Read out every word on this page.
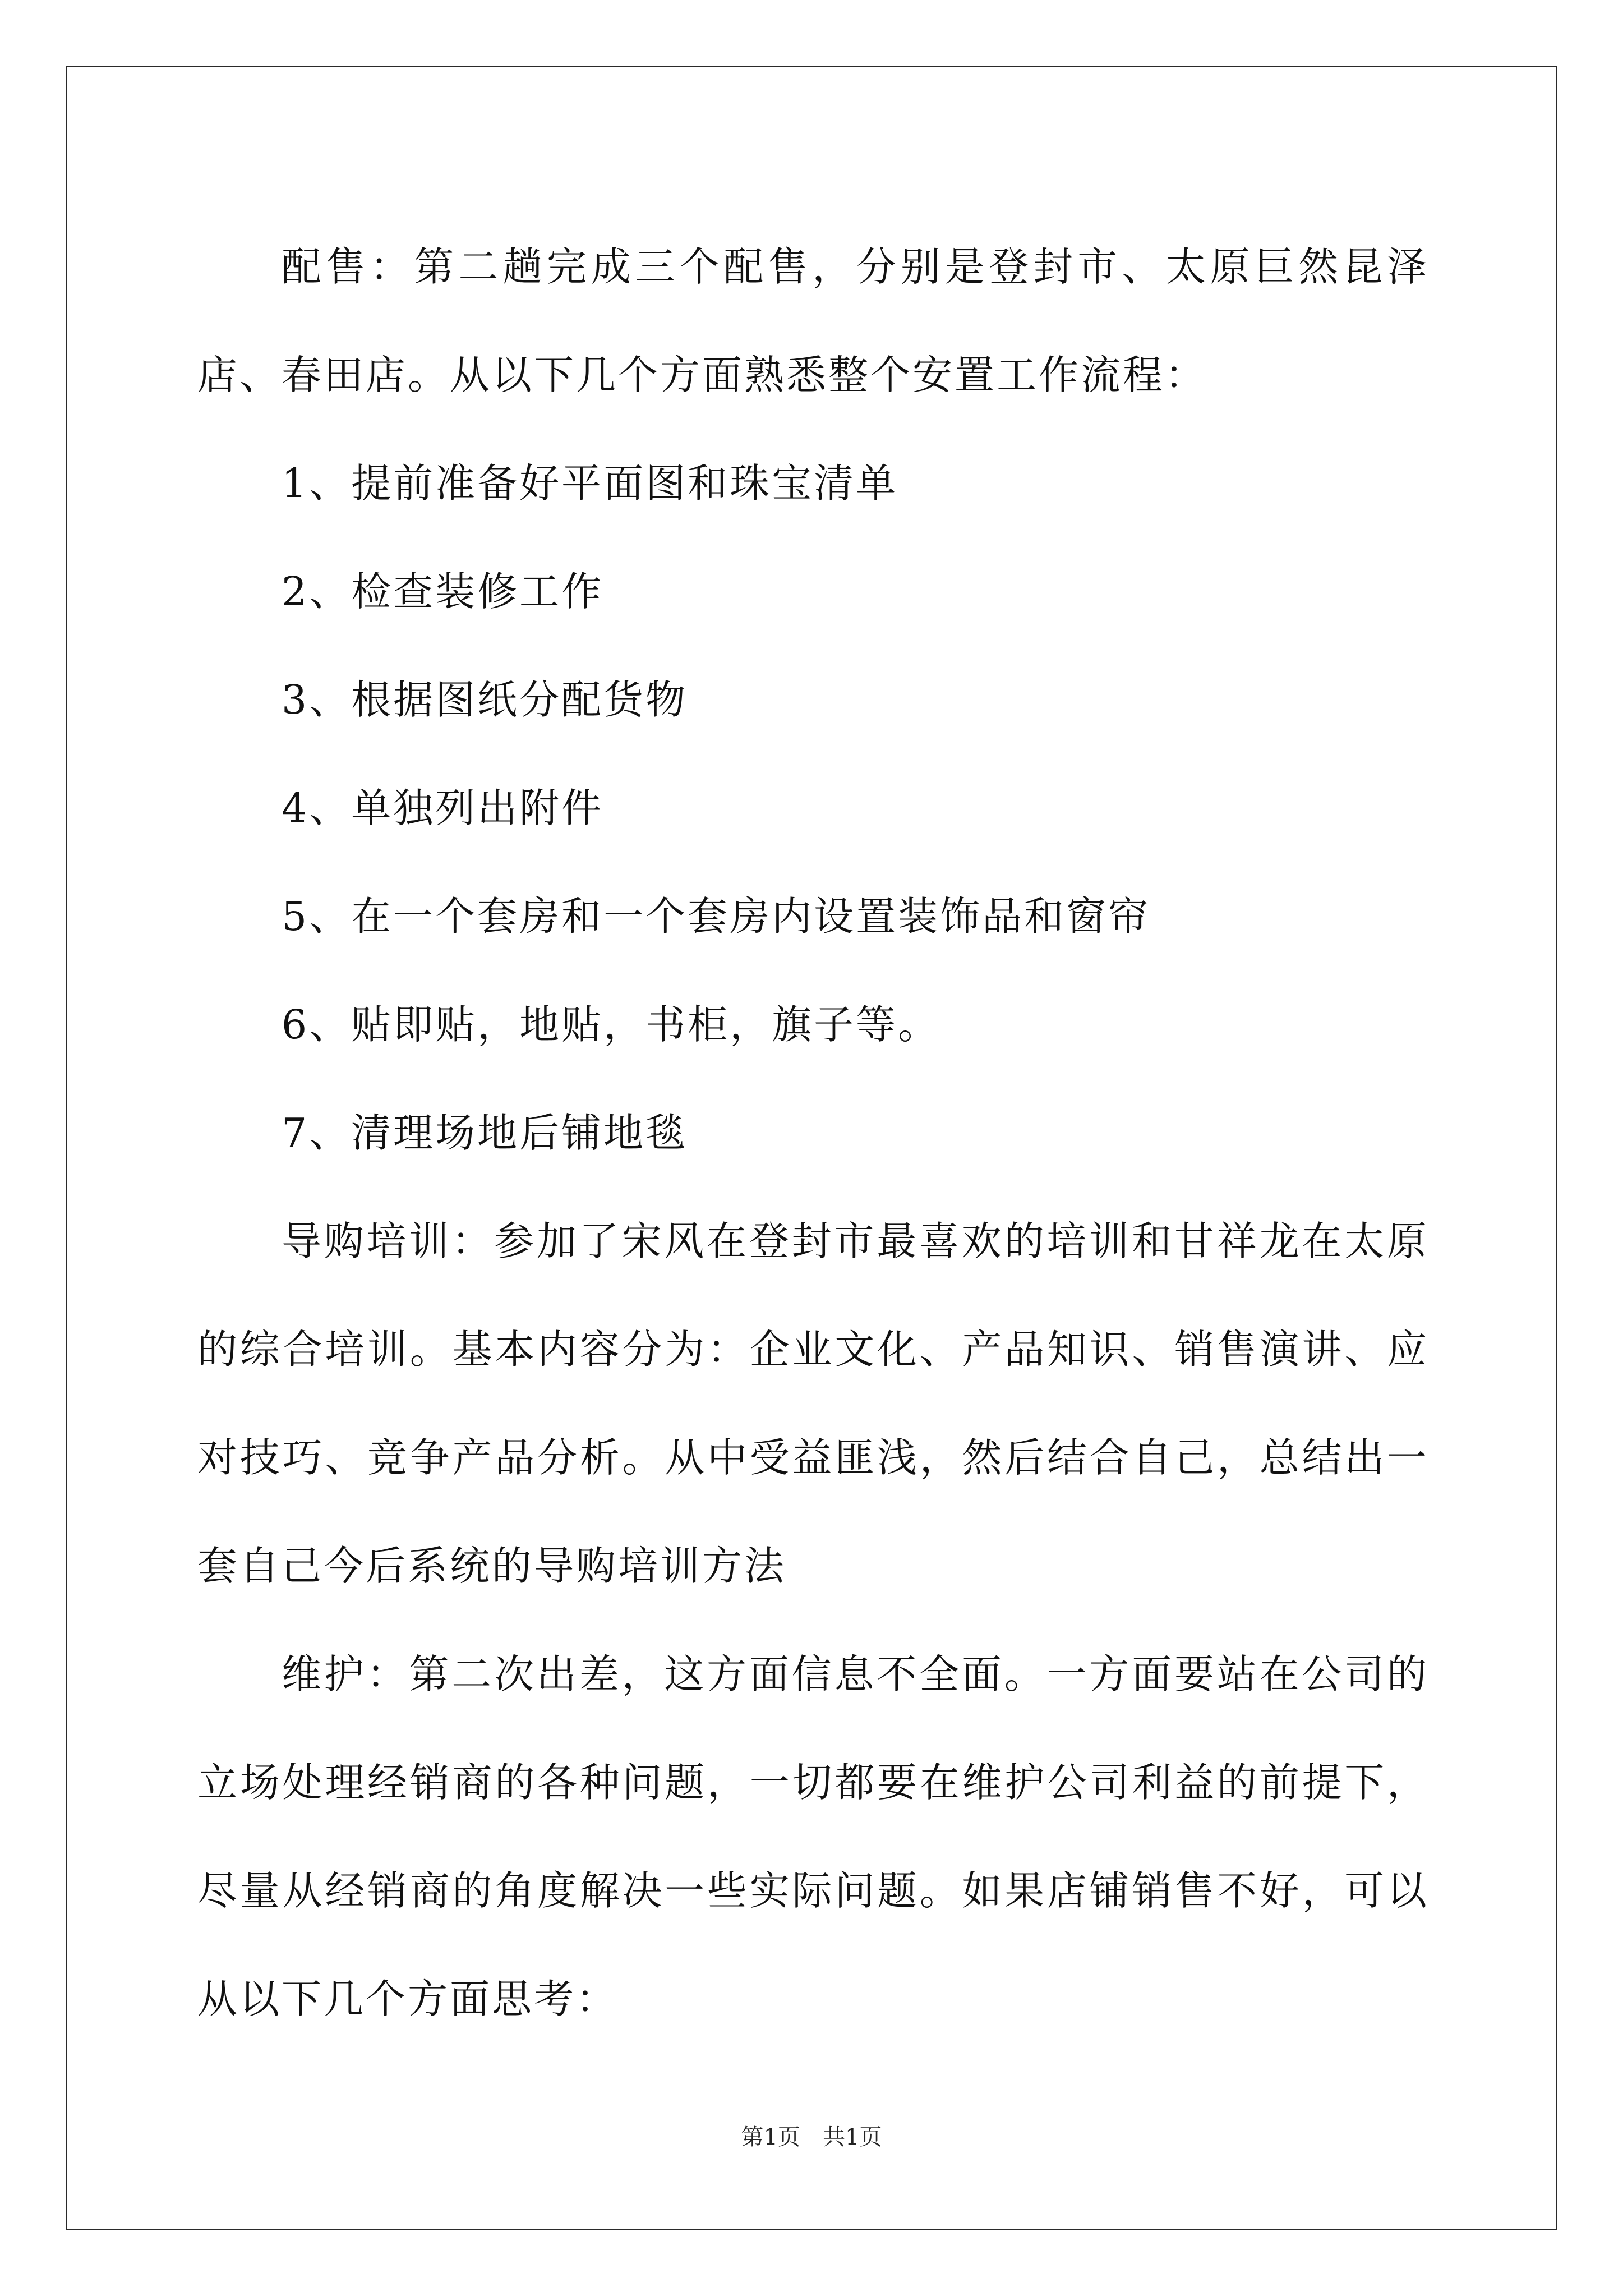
配售：第二趟完成三个配售，分别是登封市、太原巨然昆泽店、春田店。从以下几个方面熟悉整个安置工作流程：

1、提前准备好平面图和珠宝清单

2、检查装修工作

3、根据图纸分配货物

4、单独列出附件

5、在一个套房和一个套房内设置装饰品和窗帘

6、贴即贴，地贴，书柜，旗子等。

7、清理场地后铺地毯

导购培训：参加了宋风在登封市最喜欢的培训和甘祥龙在太原的综合培训。基本内容分为：企业文化、产品知识、销售演讲、应对技巧、竞争产品分析。从中受益匪浅，然后结合自己，总结出一套自己今后系统的导购培训方法

维护：第二次出差，这方面信息不全面。一方面要站在公司的立场处理经销商的各种问题，一切都要在维护公司利益的前提下，尽量从经销商的角度解决一些实际问题。如果店铺销售不好，可以从以下几个方面思考：

第1页　共1页
